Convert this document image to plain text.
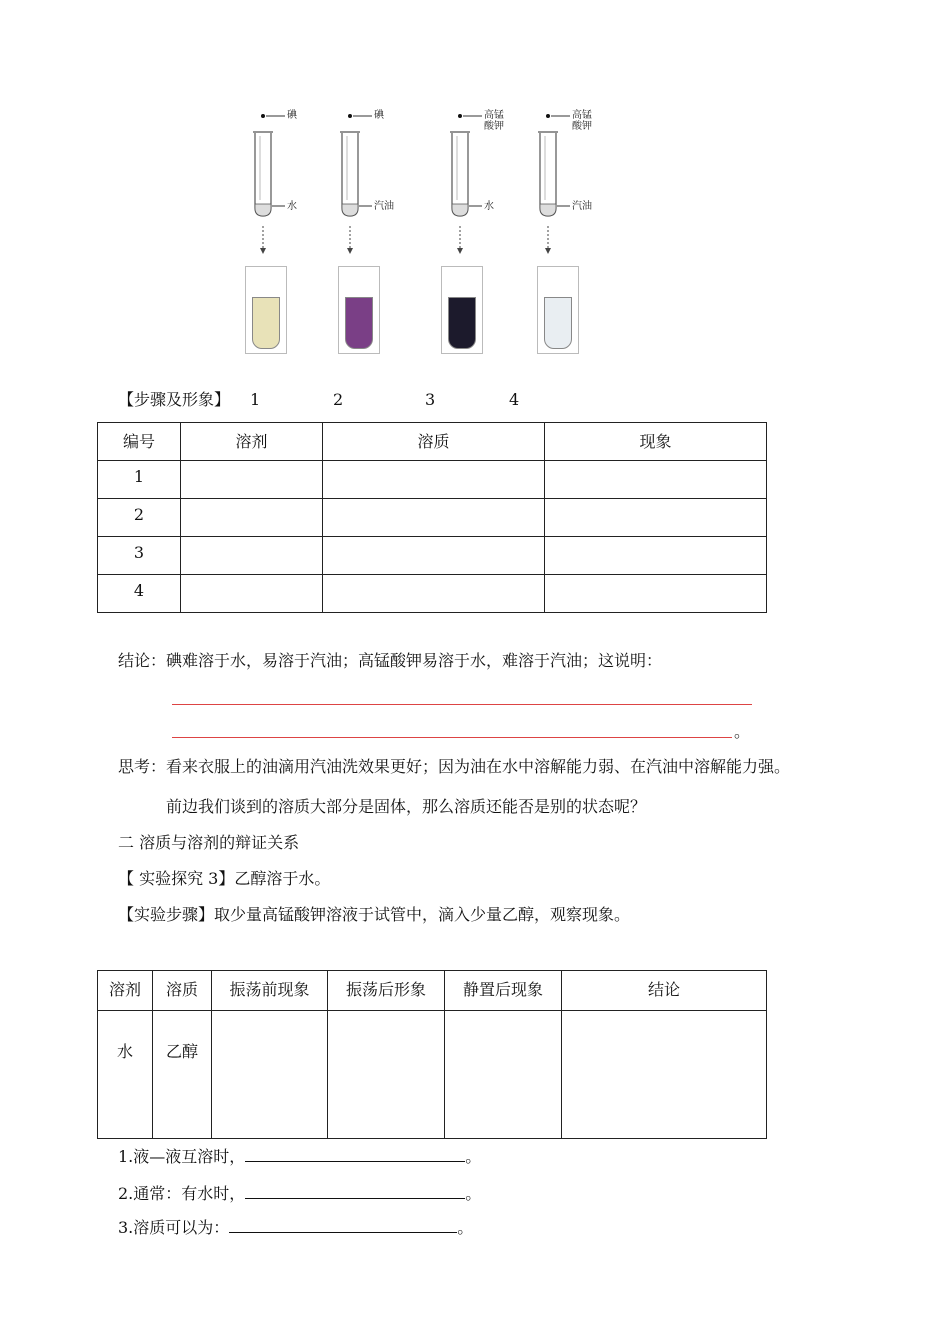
碘
水
碘
汽油
高锰
酸钾
水
高锰
酸钾
汽油
【步骤及形象】 1	2	3	4
编号	溶剂	溶质	现象
1			
2			
3			
4			
结论：碘难溶于水，易溶于汽油；高锰酸钾易溶于水，难溶于汽油；这说明：
。
思考：看来衣服上的油滴用汽油洗效果更好；因为油在水中溶解能力弱、在汽油中溶解能力强。
前边我们谈到的溶质大部分是固体，那么溶质还能否是别的状态呢？
二 溶质与溶剂的辩证关系
【 实验探究 3】乙醇溶于水。
【实验步骤】取少量高锰酸钾溶液于试管中，滴入少量乙醇，观察现象。
溶剂	溶质	振荡前现象	振荡后形象	静置后现象	结论
水	乙醇				
1.液—液互溶时，	。
2.通常：有水时，	。
3.溶质可以为：	。
